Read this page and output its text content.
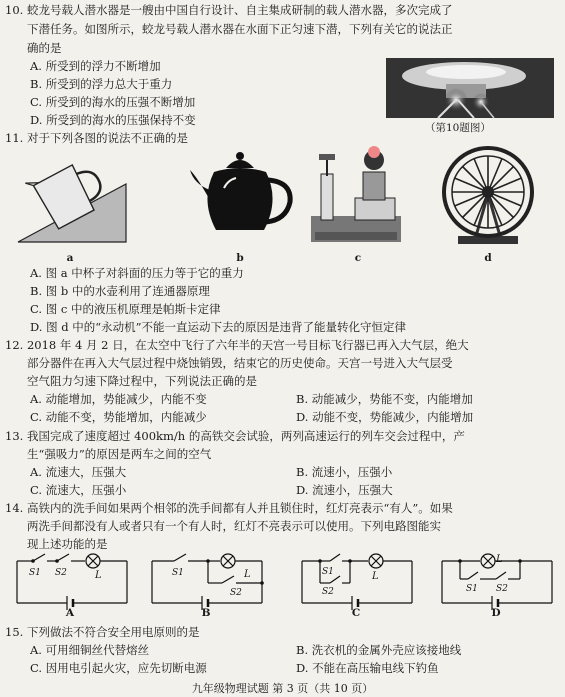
10. 蛟龙号载人潜水器是一艘由中国自行设计、自主集成研制的载人潜水器，多次完成了
下潜任务。如图所示，蛟龙号载人潜水器在水面下正匀速下潜，下列有关它的说法正
确的是
A. 所受到的浮力不断增加
B. 所受到的浮力总大于重力
C. 所受到的海水的压强不断增加
D. 所受到的海水的压强保持不变
（第10题图）
11. 对于下列各图的说法不正确的是
a	b	c	d
A. 图 a 中杯子对斜面的压力等于它的重力
B. 图 b 中的水壶利用了连通器原理
C. 图 c 中的液压机原理是帕斯卡定律
D. 图 d 中的“永动机”不能一直运动下去的原因是违背了能量转化守恒定律
12. 2018 年 4 月 2 日，在太空中飞行了六年半的天宫一号目标飞行器已再入大气层，绝大
部分器件在再入大气层过程中烧蚀销毁，结束它的历史使命。天宫一号进入大气层受
空气阻力匀速下降过程中，下列说法正确的是
A. 动能增加，势能减少，内能不变	B. 动能减少，势能不变，内能增加
C. 动能不变，势能增加，内能减少	D. 动能不变，势能减少，内能增加
13. 我国完成了速度超过 400km/h 的高铁交会试验，两列高速运行的列车交会过程中，产
生“强吸力”的原因是两车之间的空气
A. 流速大，压强大	B. 流速小，压强小
C. 流速大，压强小	D. 流速小，压强大
14. 高铁内的洗手间如果两个相邻的洗手间都有人并且锁住时，红灯亮表示“有人”。如果
两洗手间都没有人或者只有一个有人时，红灯不亮表示可以使用。下列电路图能实
现上述功能的是
S1 S2	L
A
S1
S2
L
B
S1
S2
L
C
S1 S2
L
D
15. 下列做法不符合安全用电原则的是
A. 可用细铜丝代替熔丝	B. 洗衣机的金属外壳应该接地线
C. 因用电引起火灾，应先切断电源	D. 不能在高压输电线下钓鱼
九年级物理试题 第 3 页（共 10 页）
